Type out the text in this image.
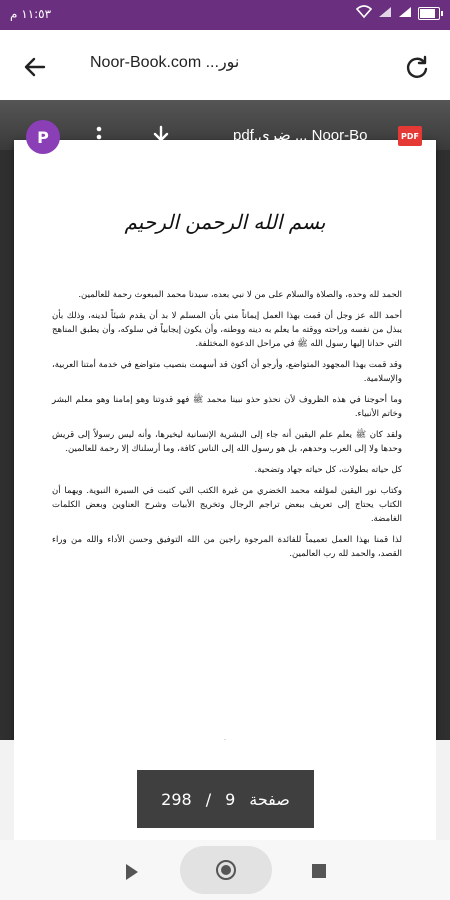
١١:٥٣ م
Noor-Book.com ...نور
بسم الله الرحمن الرحيم

الحمد لله وحده، والصلاة والسلام على من لا نبي بعده، سيدنا محمد المبعوث رحمة للعالمين.

أحمد الله عز وجل أن قمت بهذا العمل إيماناً مني بأن المسلم لا بد أن يقدم شيئاً لدينه، وذلك بأن يبذل من نفسه وراحته ووقته ما يعلم به دينه ووطنه، وأن يكون إيجابياً في سلوكه، وأن يطبق المناهج التي حدانا إليها رسول الله ﷺ في مراحل الدعوة المختلفة.

وقد قمت بهذا المجهود المتواضع، وأرجو أن أكون قد أسهمت بنصيب متواضع في خدمة أمتنا العربية، والإسلامية.

وما أحوجنا في هذه الظروف لأن نحذو حذو نبينا محمد ﷺ فهو قدوتنا وهو إمامنا وهو معلم البشر وخاتم الأنبياء.

ولقد كان ﷺ يعلم علم اليقين أنه جاء إلى البشرية الإنسانية ليخيرها، وأنه ليس رسولاً إلى قريش وحدها ولا إلى العرب وحدهم، بل هو رسول الله إلى الناس كافة، وما أرسلناك إلا رحمة للعالمين.

كل حياته بطولات، كل حياته جهاد وتضحية.

وكتاب نور اليقين لمؤلفه محمد الخضري من غيرة الكتب التي كتبت في السيرة النبوية. ويهما أن الكتاب يحتاج إلى تعريف ببعض تراجم الرجال وتخريج الأبيات وشرح العناوين وبعض الكلمات الغامضة.

لذا قمنا بهذا العمل تعميماً للفائدة المرجوة راجين من الله التوفيق وحسن الأداء والله من وراء القصد، والحمد لله رب العالمين.

P	pdf.ضري ... Noor-Bo	PDF
298 / 9 صفحة
